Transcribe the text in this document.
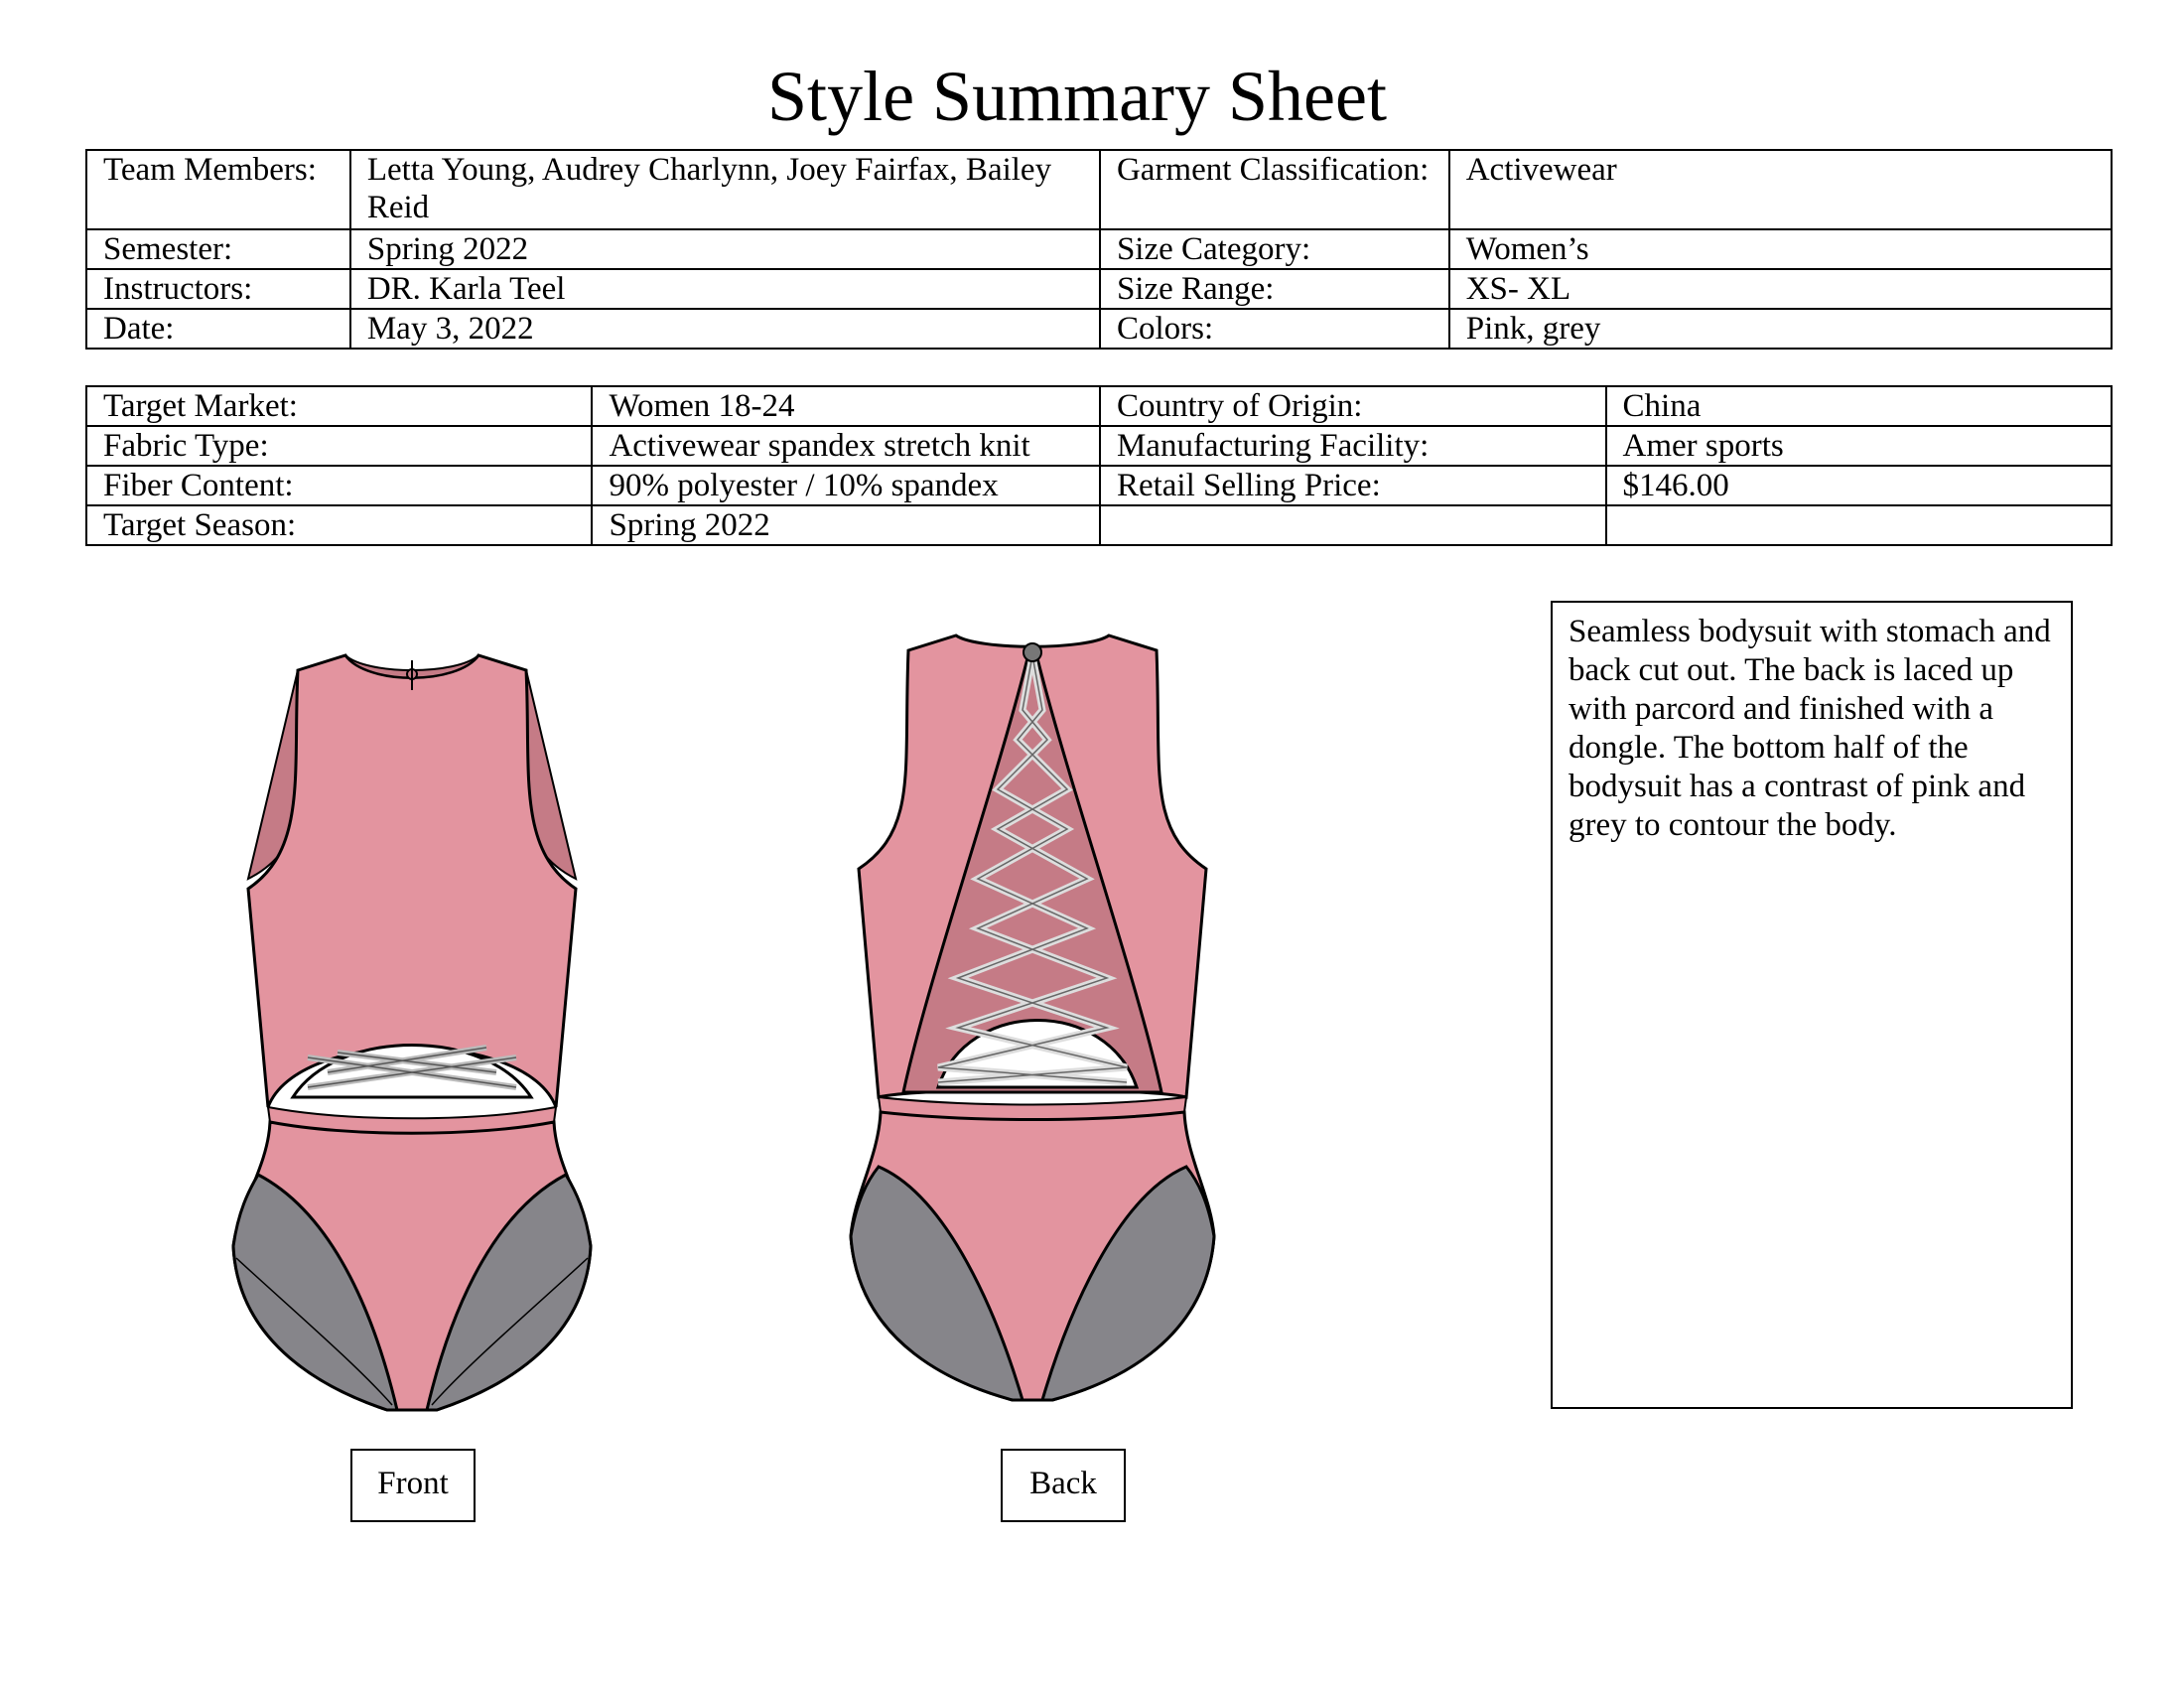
Style Summary Sheet
Team Members:	Letta Young, Audrey Charlynn, Joey Fairfax, Bailey Reid	Garment Classification:	Activewear
Semester:	Spring 2022	Size Category:	Women’s
Instructors:	DR. Karla Teel	Size Range:	XS- XL
Date:	May 3, 2022	Colors:	Pink, grey
Target Market:	Women 18-24	Country of Origin:	China
Fabric Type:	Activewear spandex stretch knit	Manufacturing Facility:	Amer sports
Fiber Content:	90% polyester / 10% spandex	Retail Selling Price:	$146.00
Target Season:	Spring 2022		
Seamless bodysuit with stomach and back cut out. The back is laced up with parcord and finished with a dongle. The bottom half of the bodysuit has a contrast of pink and grey to contour the body.
Front	Back
